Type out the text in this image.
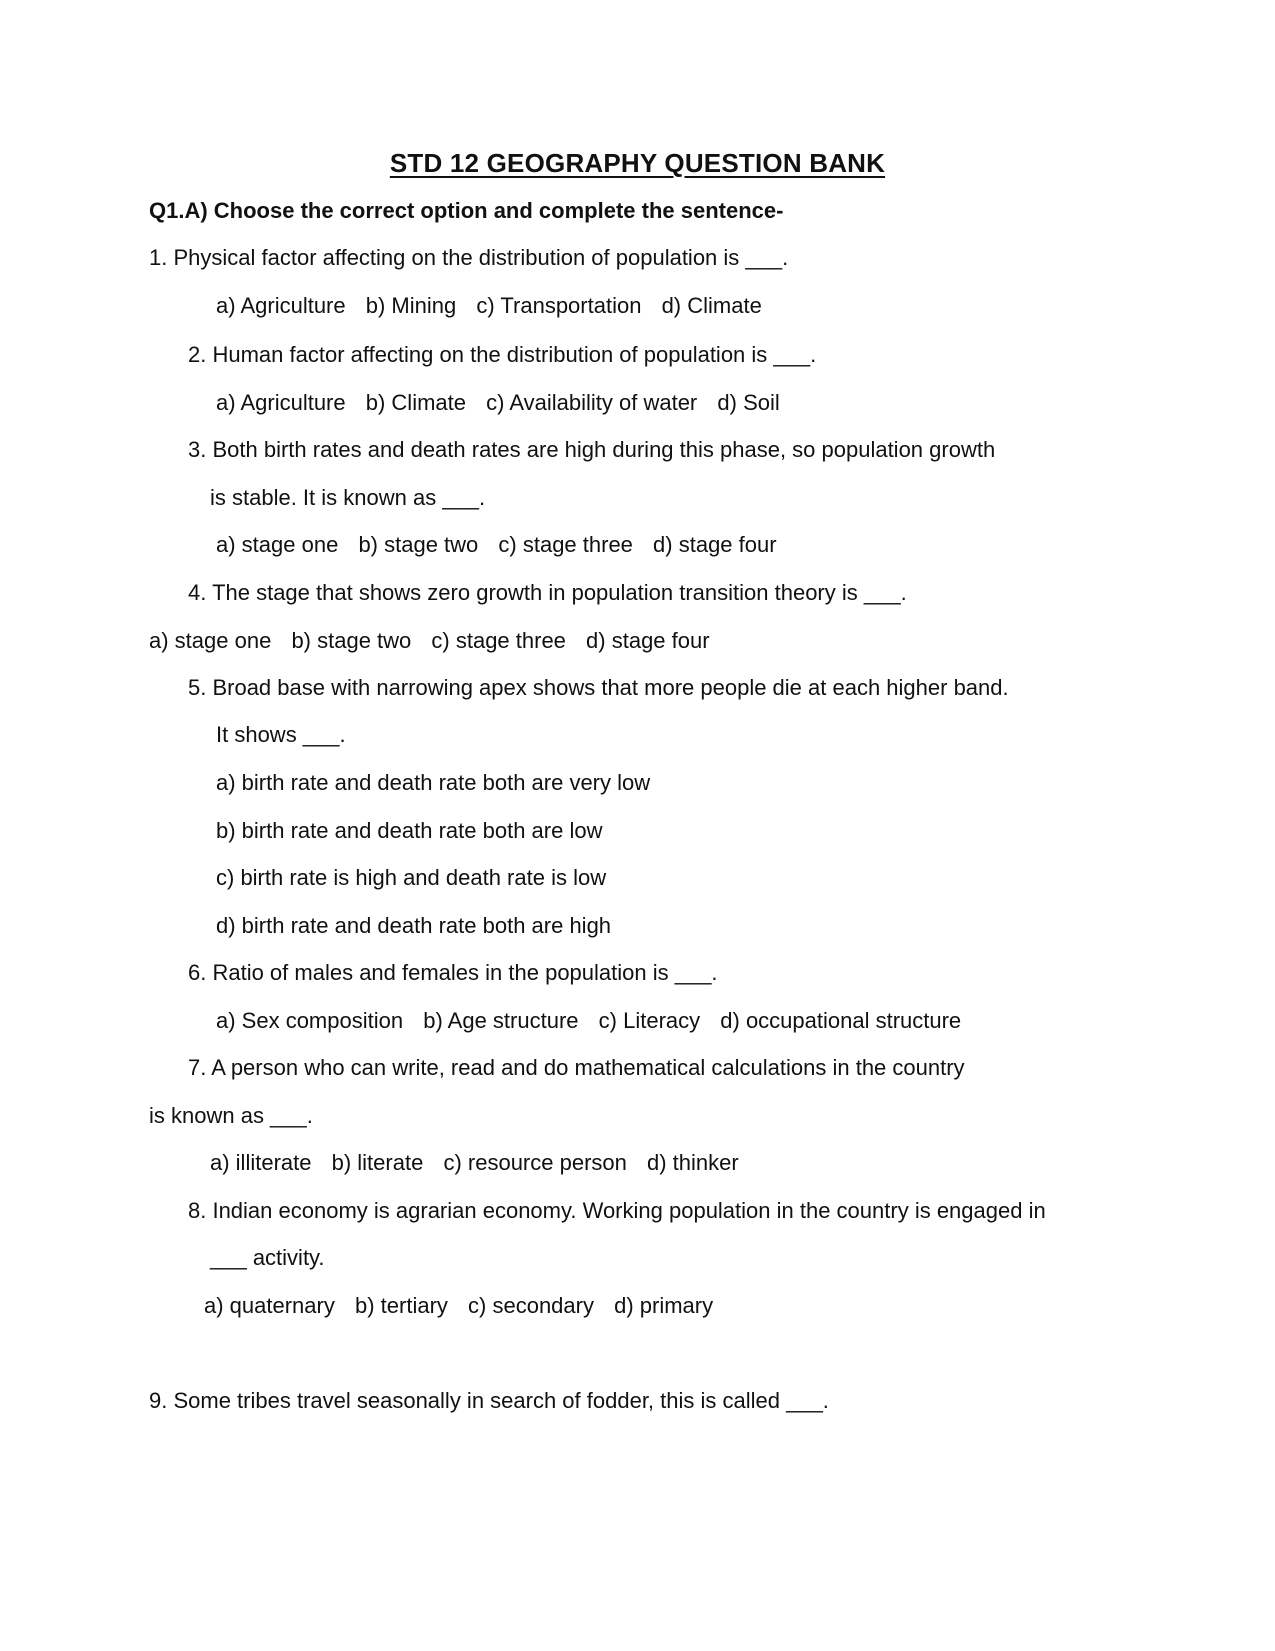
STD 12 GEOGRAPHY QUESTION BANK
Q1.A) Choose the correct option and complete the sentence-
1. Physical factor affecting on the distribution of population is ___.
a) Agriculture b) Mining c) Transportation d) Climate
2. Human factor affecting on the distribution of population is ___.
a) Agriculture b) Climate c) Availability of water d) Soil
3. Both birth rates and death rates are high during this phase, so population growth
is stable. It is known as ___.
a) stage one b) stage two c) stage three d) stage four
4. The stage that shows zero growth in population transition theory is ___.
a) stage one b) stage two c) stage three d) stage four
5. Broad base with narrowing apex shows that more people die at each higher band.
It shows ___.
a) birth rate and death rate both are very low
b) birth rate and death rate both are low
c) birth rate is high and death rate is low
d) birth rate and death rate both are high
6. Ratio of males and females in the population is ___.
a) Sex composition b) Age structure c) Literacy d) occupational structure
7. A person who can write, read and do mathematical calculations in the country
is known as ___.
a) illiterate b) literate c) resource person d) thinker
8. Indian economy is agrarian economy. Working population in the country is engaged in
___ activity.
a) quaternary b) tertiary c) secondary d) primary
9. Some tribes travel seasonally in search of fodder, this is called ___.
